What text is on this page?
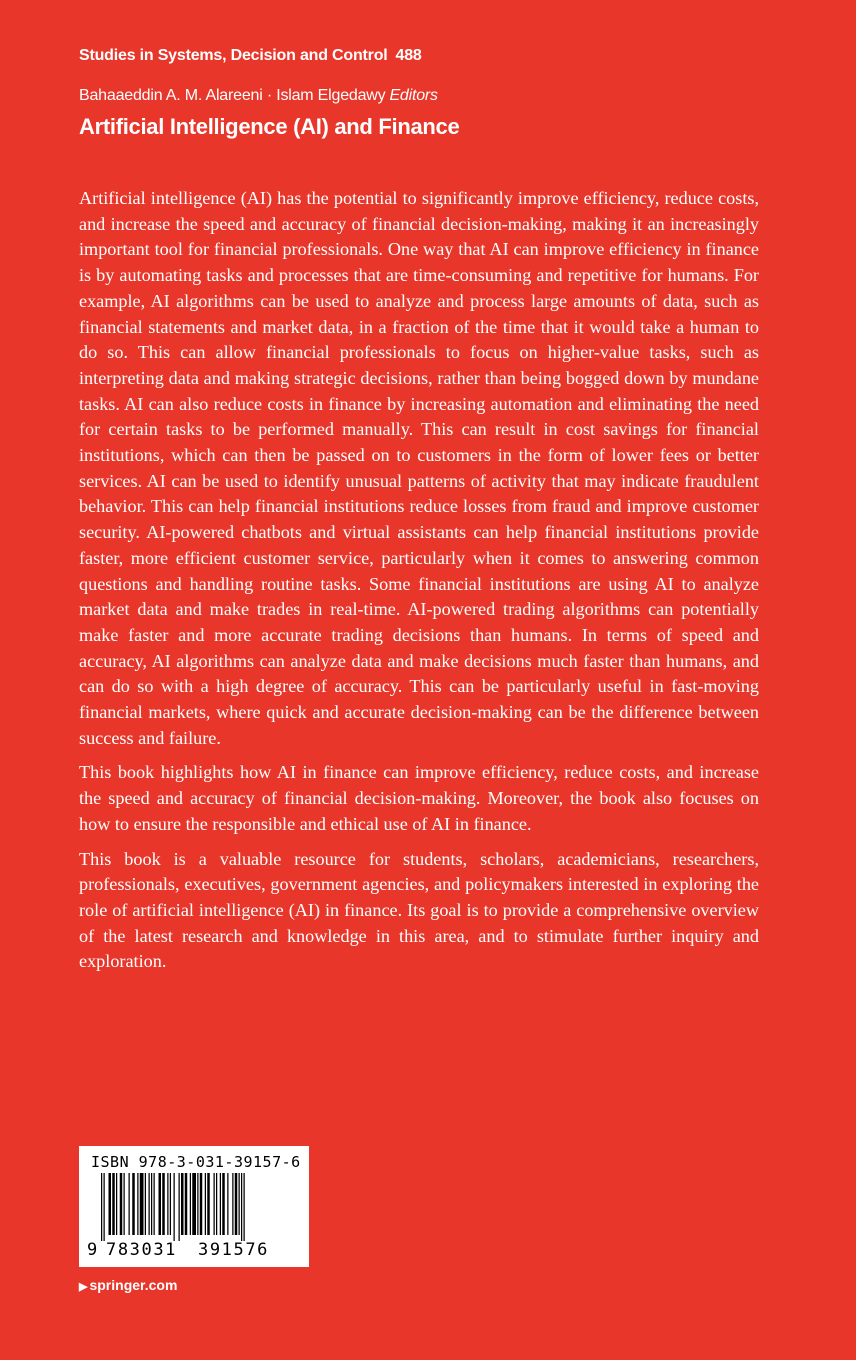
Studies in Systems, Decision and Control 488
Bahaaeddin A. M. Alareeni · Islam Elgedawy Editors
Artificial Intelligence (AI) and Finance

Artificial intelligence (AI) has the potential to significantly improve efficiency, reduce costs, and increase the speed and accuracy of financial decision-making, making it an increasingly important tool for financial professionals. One way that AI can improve efficiency in finance is by automating tasks and processes that are time-consuming and repetitive for humans. For example, AI algorithms can be used to analyze and process large amounts of data, such as financial statements and market data, in a fraction of the time that it would take a human to do so. This can allow financial professionals to focus on higher-value tasks, such as interpreting data and making strategic decisions, rather than being bogged down by mundane tasks. AI can also reduce costs in finance by increasing automation and eliminating the need for certain tasks to be performed manually. This can result in cost savings for financial institutions, which can then be passed on to customers in the form of lower fees or better services. AI can be used to identify unusual patterns of activity that may indicate fraudulent behavior. This can help financial institutions reduce losses from fraud and improve customer security. AI-powered chatbots and virtual assistants can help financial institutions provide faster, more efficient customer service, particularly when it comes to answering common questions and handling routine tasks. Some financial institutions are using AI to analyze market data and make trades in real-time. AI-powered trading algorithms can potentially make faster and more accurate trading decisions than humans. In terms of speed and accuracy, AI algorithms can analyze data and make decisions much faster than humans, and can do so with a high degree of accuracy. This can be particularly useful in fast-moving financial markets, where quick and accurate decision-making can be the difference between success and failure.

This book highlights how AI in finance can improve efficiency, reduce costs, and increase the speed and accuracy of financial decision-making. Moreover, the book also focuses on how to ensure the responsible and ethical use of AI in finance.

This book is a valuable resource for students, scholars, academicians, researchers, professionals, executives, government agencies, and policymakers interested in exploring the role of artificial intelligence (AI) in finance. Its goal is to provide a comprehensive overview of the latest research and knowledge in this area, and to stimulate further inquiry and exploration.

ISBN 978-3-031-39157-6
9 783031 391576
▶ springer.com
